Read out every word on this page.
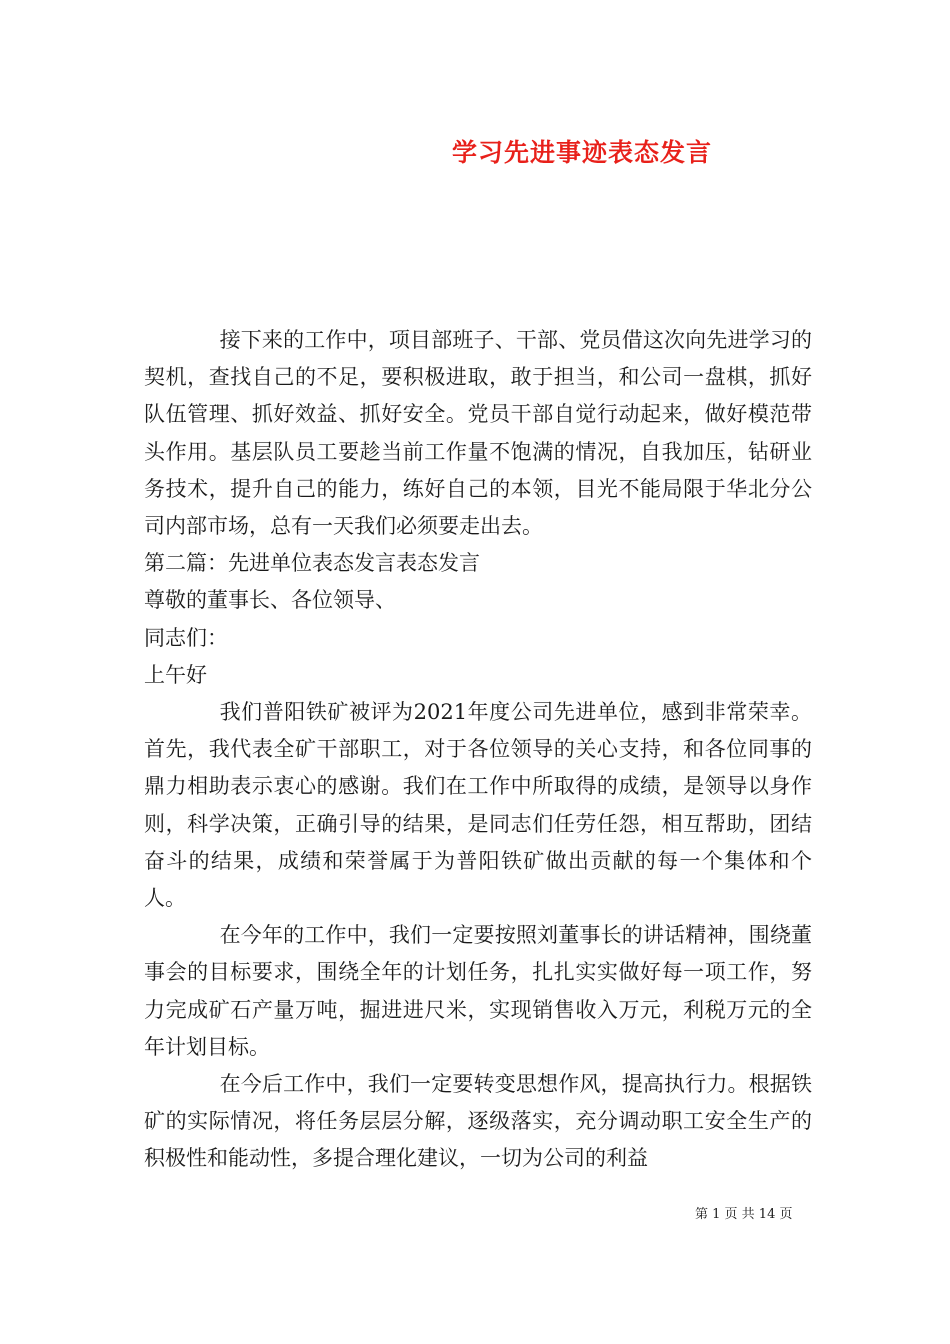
学习先进事迹表态发言

接下来的工作中，项目部班子、干部、党员借这次向先进学习的契机，查找自己的不足，要积极进取，敢于担当，和公司一盘棋，抓好队伍管理、抓好效益、抓好安全。党员干部自觉行动起来，做好模范带头作用。基层队员工要趁当前工作量不饱满的情况，自我加压，钻研业务技术，提升自己的能力，练好自己的本领，目光不能局限于华北分公司内部市场，总有一天我们必须要走出去。

第二篇：先进单位表态发言表态发言

尊敬的董事长、各位领导、

同志们：

上午好

我们普阳铁矿被评为2021年度公司先进单位，感到非常荣幸。首先，我代表全矿干部职工，对于各位领导的关心支持，和各位同事的鼎力相助表示衷心的感谢。我们在工作中所取得的成绩，是领导以身作则，科学决策，正确引导的结果，是同志们任劳任怨，相互帮助，团结奋斗的结果，成绩和荣誉属于为普阳铁矿做出贡献的每一个集体和个人。

在今年的工作中，我们一定要按照刘董事长的讲话精神，围绕董事会的目标要求，围绕全年的计划任务，扎扎实实做好每一项工作，努力完成矿石产量万吨，掘进进尺米，实现销售收入万元，利税万元的全年计划目标。

在今后工作中，我们一定要转变思想作风，提高执行力。根据铁矿的实际情况，将任务层层分解，逐级落实，充分调动职工安全生产的积极性和能动性，多提合理化建议，一切为公司的利益

第 1 页 共 14 页
